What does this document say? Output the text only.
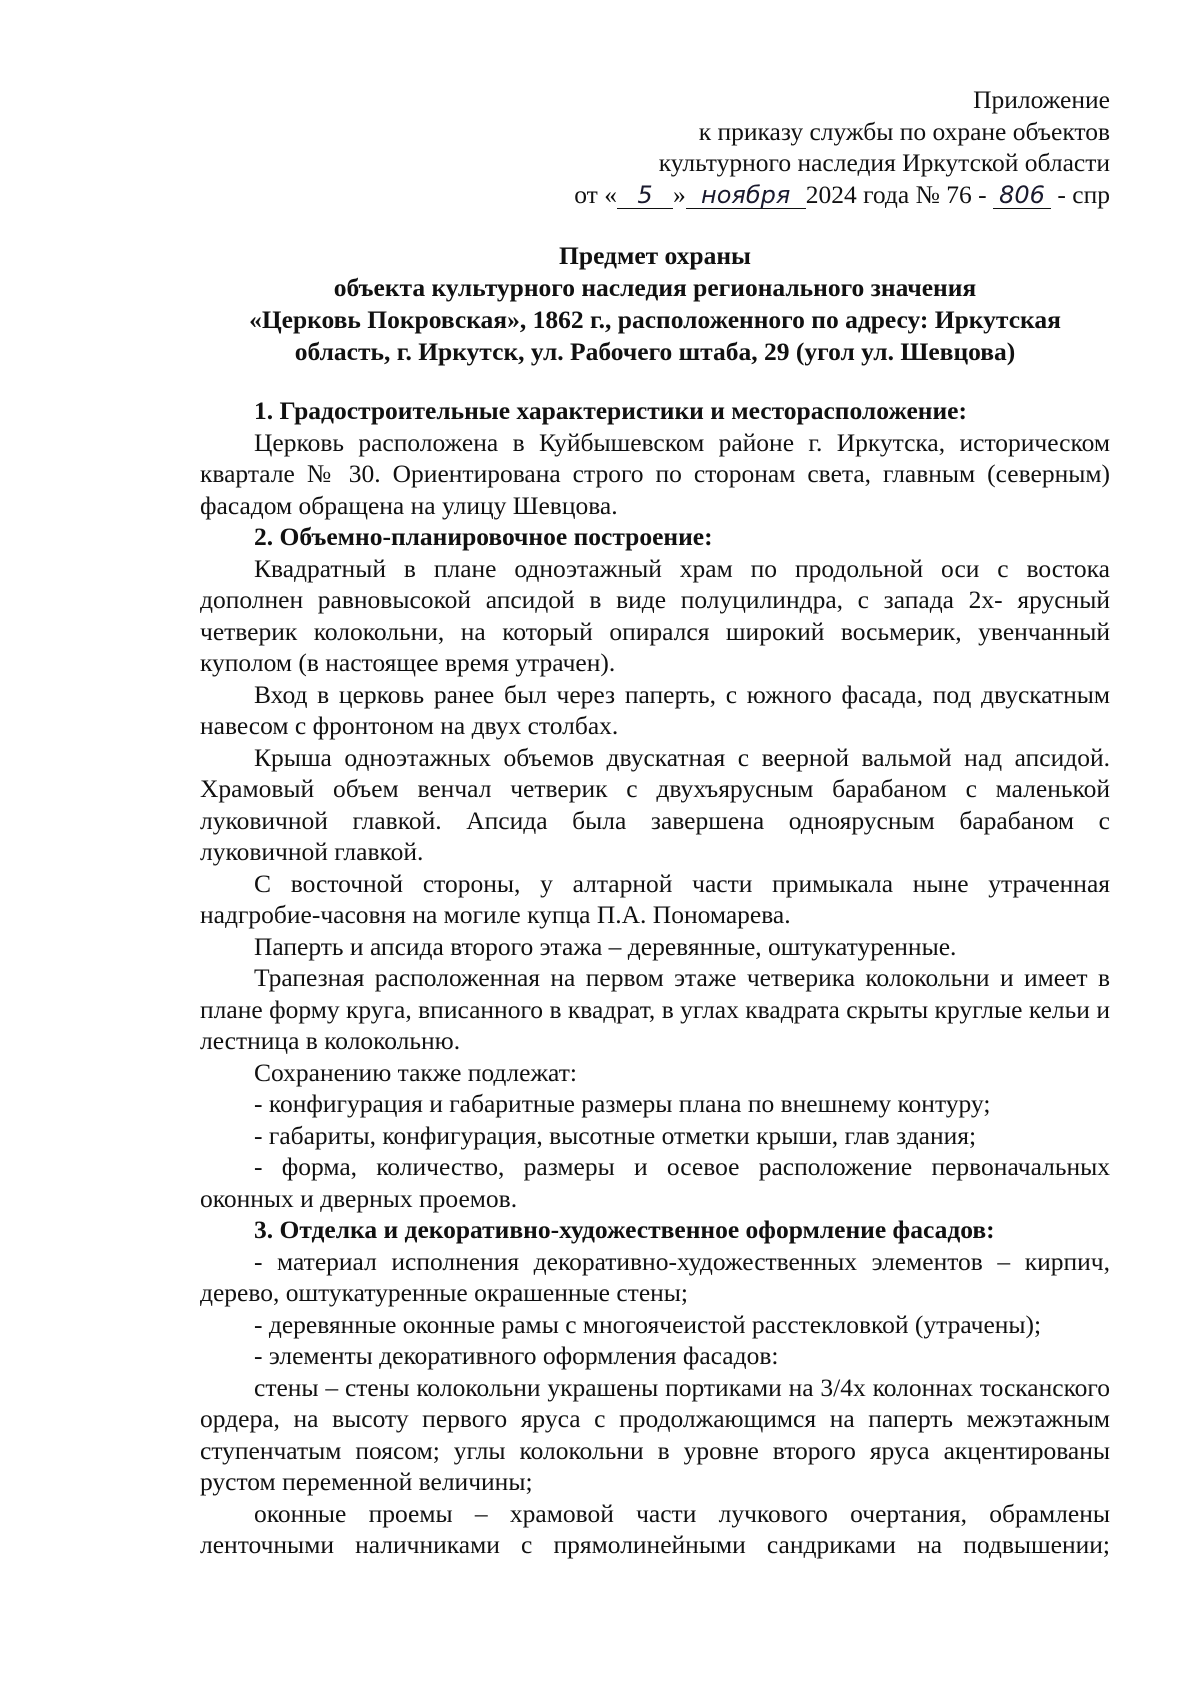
Приложение
к приказу службы по охране объектов
культурного наследия Иркутской области
от « 5 » ноября 2024 года № 76 - 806 - спр
Предмет охраны
объекта культурного наследия регионального значения
«Церковь Покровская», 1862 г., расположенного по адресу: Иркутская
область, г. Иркутск, ул. Рабочего штаба, 29 (угол ул. Шевцова)
1. Градостроительные характеристики и месторасположение:

Церковь расположена в Куйбышевском районе г. Иркутска, историческом квартале № 30. Ориентирована строго по сторонам света, главным (северным) фасадом обращена на улицу Шевцова.

2. Объемно-планировочное построение:

Квадратный в плане одноэтажный храм по продольной оси с востока дополнен равновысокой апсидой в виде полуцилиндра, с запада 2х- ярусный четверик колокольни, на который опирался широкий восьмерик, увенчанный куполом (в настоящее время утрачен).

Вход в церковь ранее был через паперть, с южного фасада, под двускатным навесом с фронтоном на двух столбах.

Крыша одноэтажных объемов двускатная с веерной вальмой над апсидой. Храмовый объем венчал четверик с двухъярусным барабаном с маленькой луковичной главкой. Апсида была завершена одноярусным барабаном с луковичной главкой.

С восточной стороны, у алтарной части примыкала ныне утраченная надгробие-часовня на могиле купца П.А. Пономарева.

Паперть и апсида второго этажа – деревянные, оштукатуренные.

Трапезная расположенная на первом этаже четверика колокольни и имеет в плане форму круга, вписанного в квадрат, в углах квадрата скрыты круглые кельи и лестница в колокольню.

Сохранению также подлежат:

- конфигурация и габаритные размеры плана по внешнему контуру;

- габариты, конфигурация, высотные отметки крыши, глав здания;

- форма, количество, размеры и осевое расположение первоначальных оконных и дверных проемов.

3. Отделка и декоративно-художественное оформление фасадов:

- материал исполнения декоративно-художественных элементов – кирпич, дерево, оштукатуренные окрашенные стены;

- деревянные оконные рамы с многоячеистой расстекловкой (утрачены);

- элементы декоративного оформления фасадов:

стены – стены колокольни украшены портиками на 3/4х колоннах тосканского ордера, на высоту первого яруса с продолжающимся на паперть межэтажным ступенчатым поясом; углы колокольни в уровне второго яруса акцентированы рустом переменной величины;

оконные проемы – храмовой части лучкового очертания, обрамлены ленточными наличниками с прямолинейными сандриками на подвышении;
